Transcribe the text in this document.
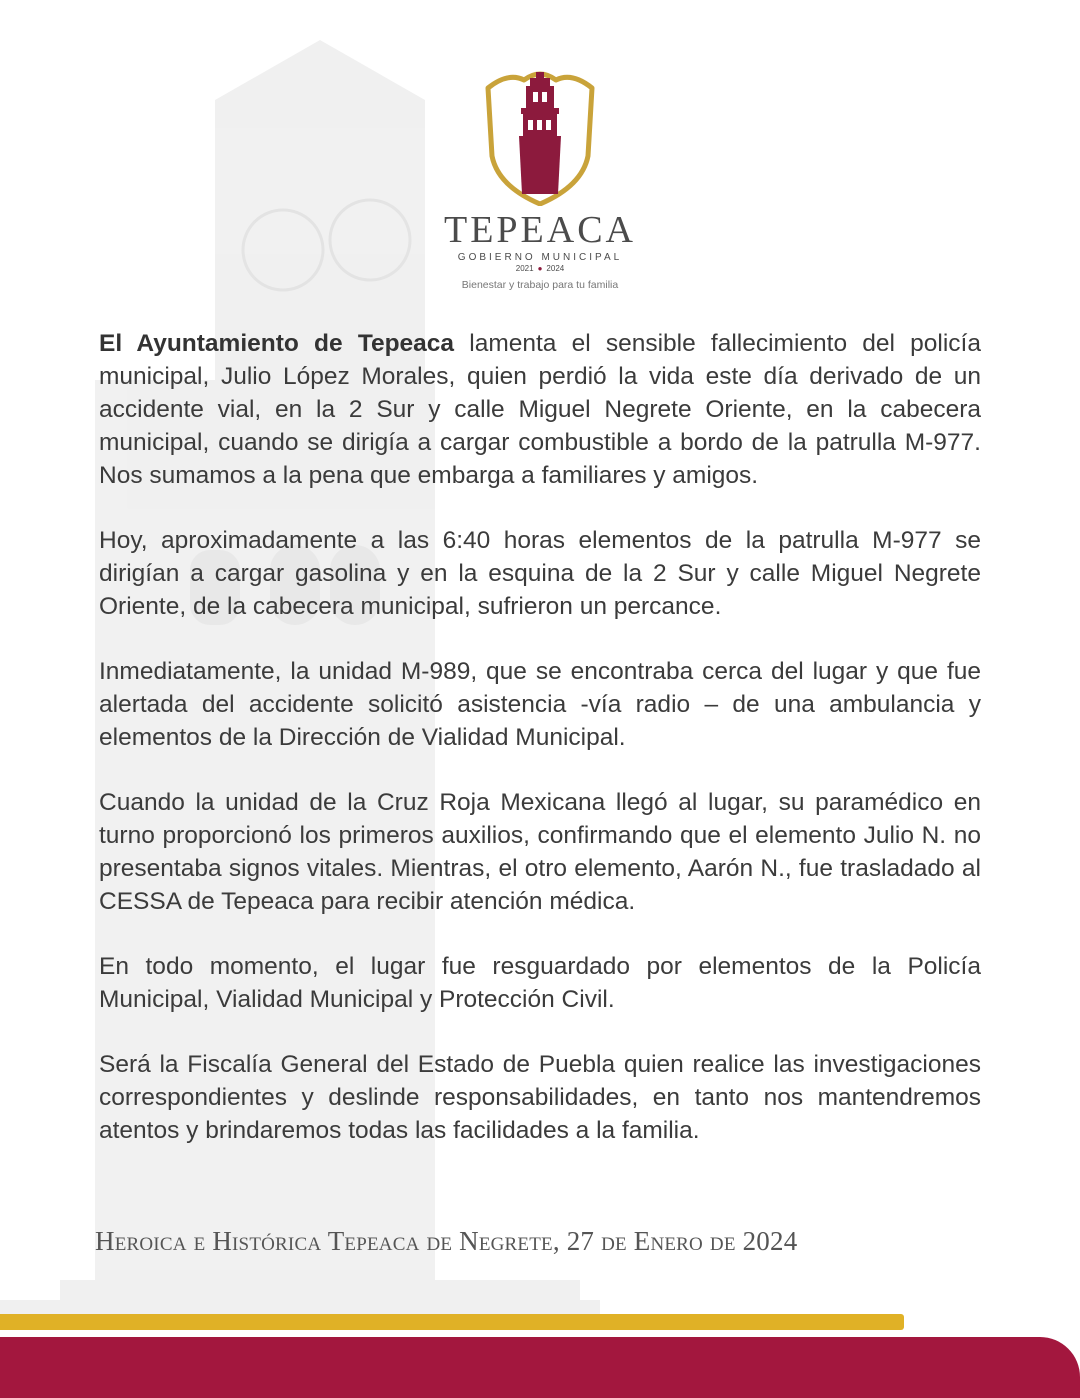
TEPEACA
GOBIERNO MUNICIPAL
2021 ● 2024
Bienestar y trabajo para tu familia

El Ayuntamiento de Tepeaca lamenta el sensible fallecimiento del policía municipal, Julio López Morales, quien perdió la vida este día derivado de un accidente vial, en la 2 Sur y calle Miguel Negrete Oriente, en la cabecera municipal, cuando se dirigía a cargar combustible a bordo de la patrulla M-977. Nos sumamos a la pena que embarga a familiares y amigos.

Hoy, aproximadamente a las 6:40 horas elementos de la patrulla M-977 se dirigían a cargar gasolina y en la esquina de la 2 Sur y calle Miguel Negrete Oriente, de la cabecera municipal, sufrieron un percance.

Inmediatamente, la unidad M-989, que se encontraba cerca del lugar y que fue alertada del accidente solicitó asistencia -vía radio – de una ambulancia y elementos de la Dirección de Vialidad Municipal.

Cuando la unidad de la Cruz Roja Mexicana llegó al lugar, su paramédico en turno proporcionó los primeros auxilios, confirmando que el elemento Julio N. no presentaba signos vitales. Mientras, el otro elemento, Aarón N., fue trasladado al CESSA de Tepeaca para recibir atención médica.

En todo momento, el lugar fue resguardado por elementos de la Policía Municipal, Vialidad Municipal y Protección Civil.

Será la Fiscalía General del Estado de Puebla quien realice las investigaciones correspondientes y deslinde responsabilidades, en tanto nos mantendremos atentos y brindaremos todas las facilidades a la familia.

Heroica e Histórica Tepeaca de Negrete, 27 de Enero de 2024
